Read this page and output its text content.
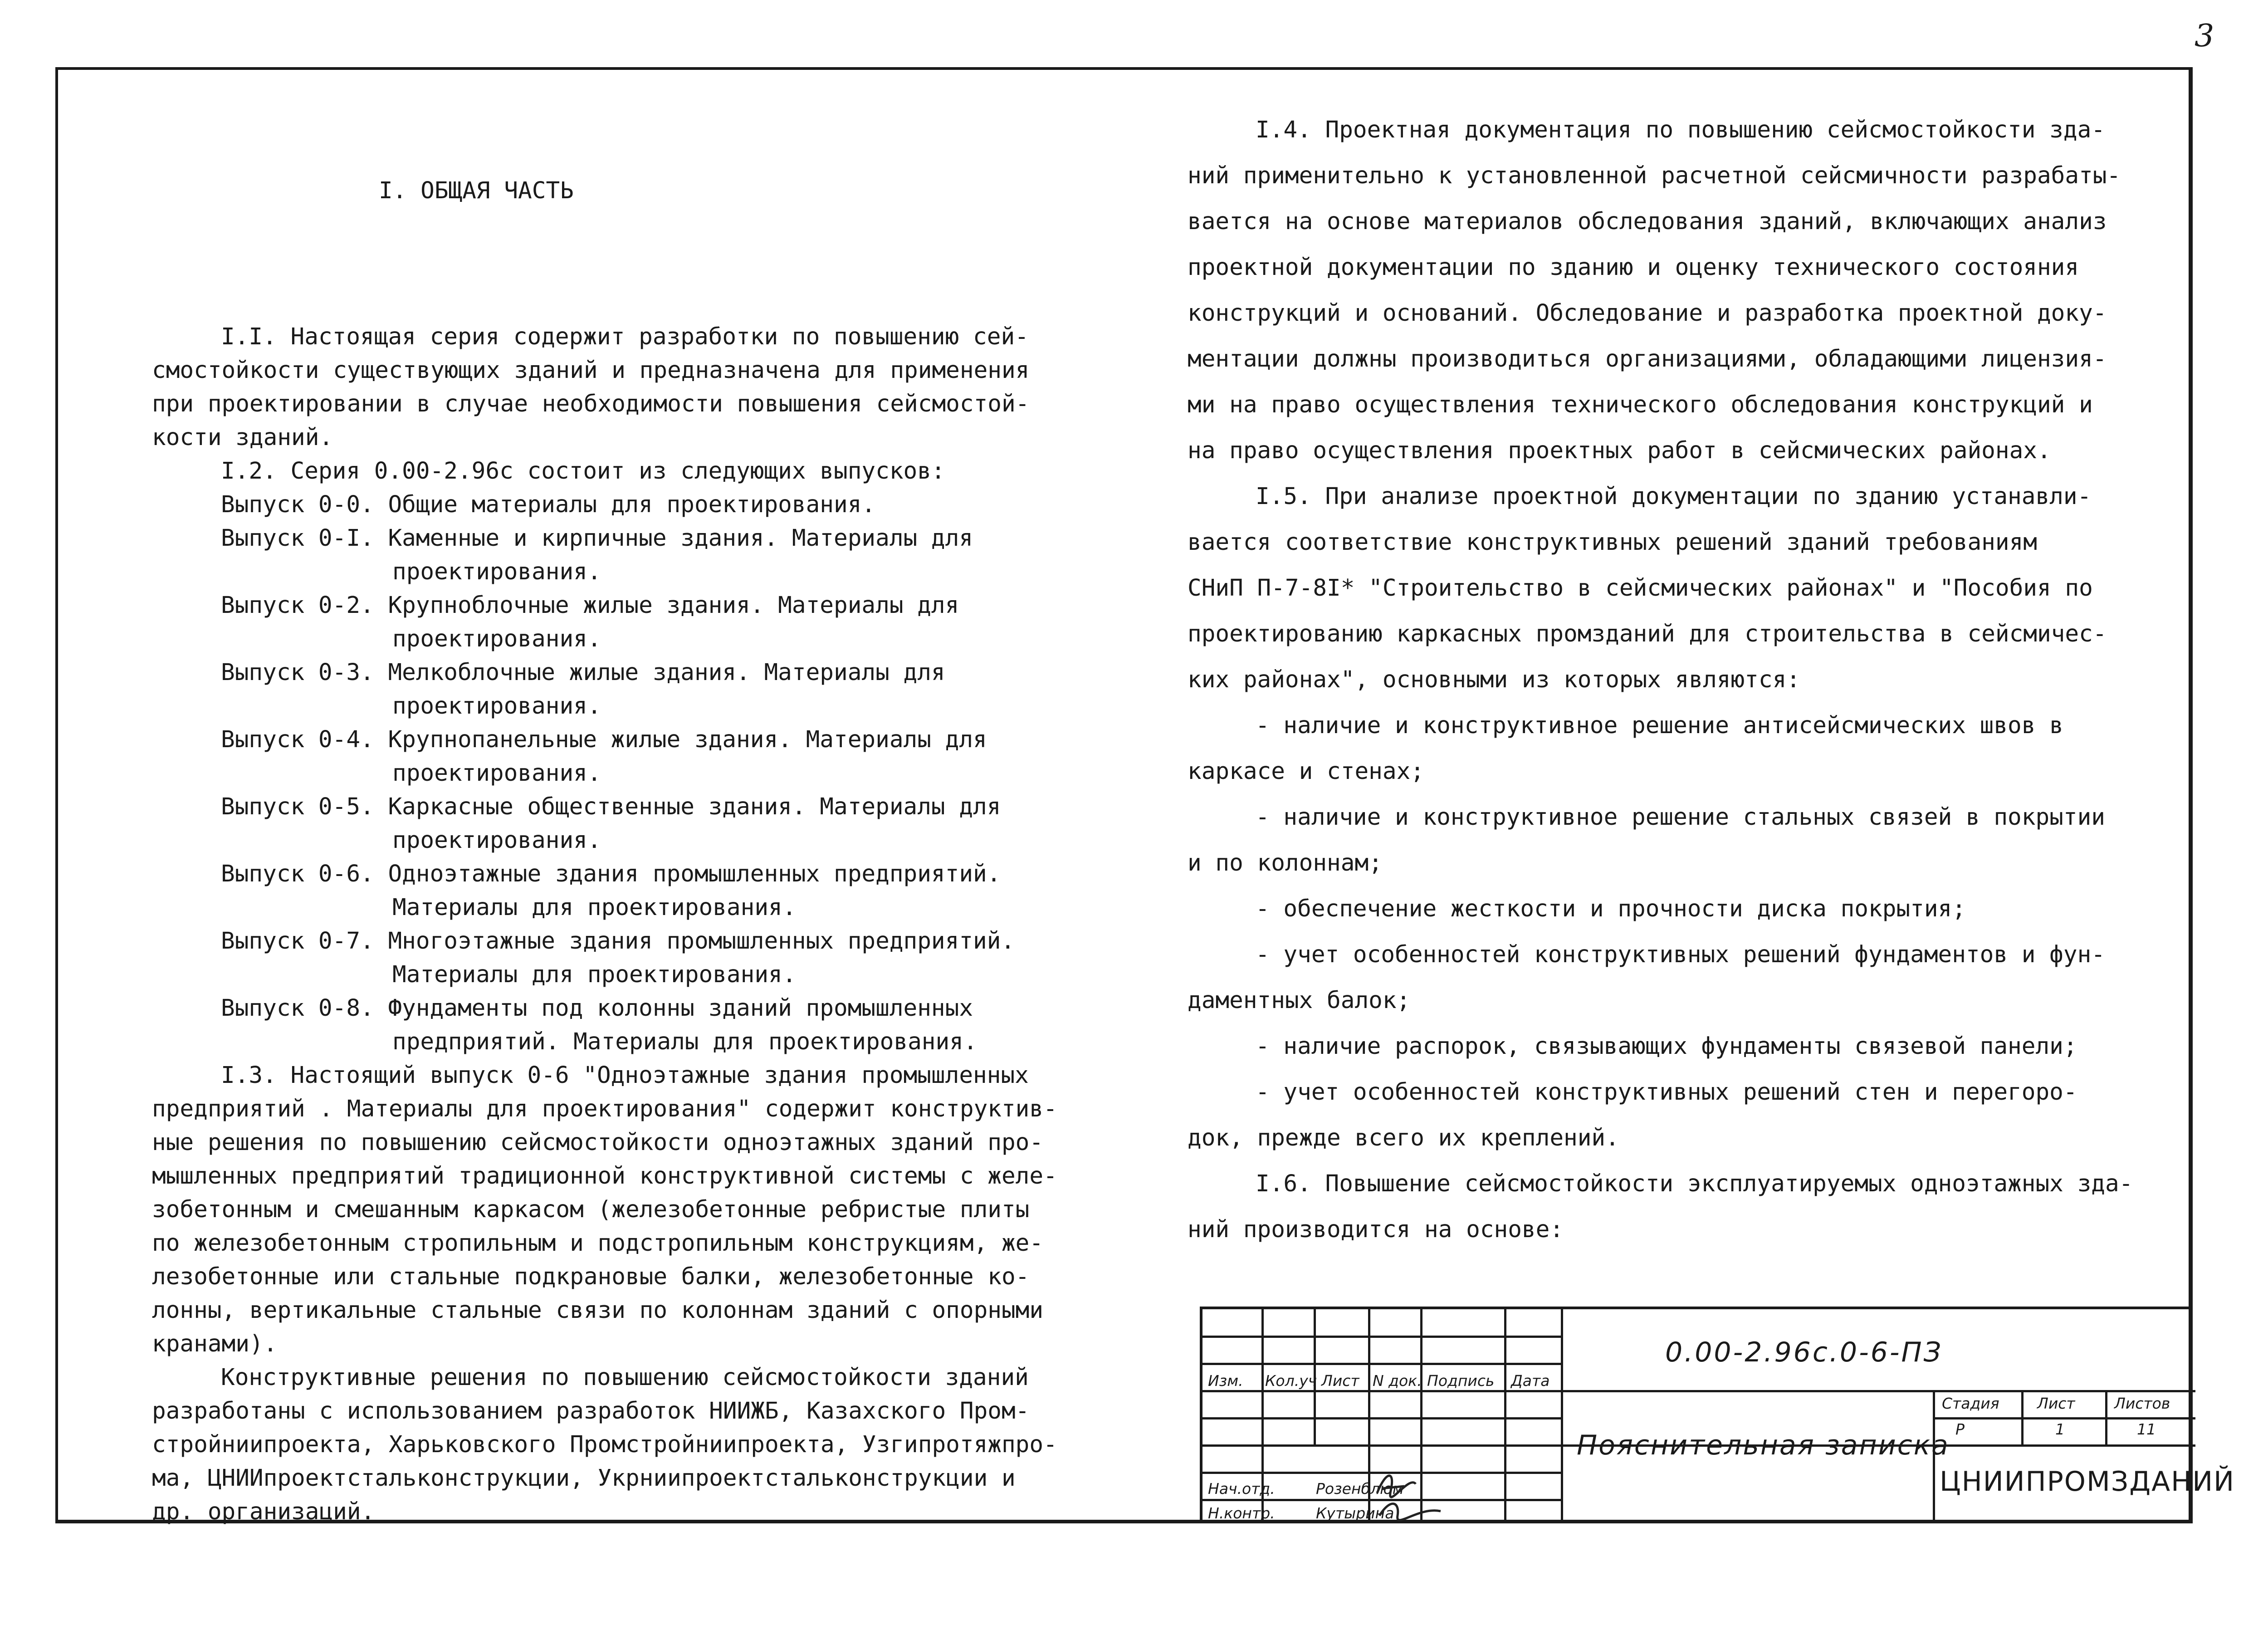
3

I. ОБЩАЯ ЧАСТЬ

I.I. Настоящая серия содержит разработки по повышению сей-
смостойкости существующих зданий и предназначена для применения
при проектировании в случае необходимости повышения сейсмостой-
кости зданий.
I.2. Серия 0.00-2.96с состоит из следующих выпусков:
Выпуск 0-0. Общие материалы для проектирования.
Выпуск 0-I. Каменные и кирпичные здания. Материалы для
проектирования.
Выпуск 0-2. Крупноблочные жилые здания. Материалы для
проектирования.
Выпуск 0-3. Мелкоблочные жилые здания. Материалы для
проектирования.
Выпуск 0-4. Крупнопанельные жилые здания. Материалы для
проектирования.
Выпуск 0-5. Каркасные общественные здания. Материалы для
проектирования.
Выпуск 0-6. Одноэтажные здания промышленных предприятий.
Материалы для проектирования.
Выпуск 0-7. Многоэтажные здания промышленных предприятий.
Материалы для проектирования.
Выпуск 0-8. Фундаменты под колонны зданий промышленных
предприятий. Материалы для проектирования.
I.3. Настоящий выпуск 0-6 "Одноэтажные здания промышленных
предприятий . Материалы для проектирования" содержит конструктив-
ные решения по повышению сейсмостойкости одноэтажных зданий про-
мышленных предприятий традиционной конструктивной системы с желе-
зобетонным и смешанным каркасом (железобетонные ребристые плиты
по железобетонным стропильным и подстропильным конструкциям, же-
лезобетонные или стальные подкрановые балки, железобетонные ко-
лонны, вертикальные стальные связи по колоннам зданий с опорными
кранами).
Конструктивные решения по повышению сейсмостойкости зданий
разработаны с использованием разработок НИИЖБ, Казахского Пром-
стройниипроекта, Харьковского Промстройниипроекта, Узгипротяжпро-
ма, ЦНИИпроектстальконструкции, Укрниипроектстальконструкции и
др. организаций.
I.4. Проектная документация по повышению сейсмостойкости зда-
ний применительно к установленной расчетной сейсмичности разрабаты-
вается на основе материалов обследования зданий, включающих анализ
проектной документации по зданию и оценку технического состояния
конструкций и оснований. Обследование и разработка проектной доку-
ментации должны производиться организациями, обладающими лицензия-
ми на право осуществления технического обследования конструкций и
на право осуществления проектных работ в сейсмических районах.
I.5. При анализе проектной документации по зданию устанавли-
вается соответствие конструктивных решений зданий требованиям
СНиП П-7-8I* "Строительство в сейсмических районах" и "Пособия по
проектированию каркасных промзданий для строительства в сейсмичес-
ких районах", основными из которых являются:
- наличие и конструктивное решение антисейсмических швов в
каркасе и стенах;
- наличие и конструктивное решение стальных связей в покрытии
и по колоннам;
- обеспечение жесткости и прочности диска покрытия;
- учет особенностей конструктивных решений фундаментов и фун-
даментных балок;
- наличие распорок, связывающих фундаменты связевой панели;
- учет особенностей конструктивных решений стен и перегоро-
док, прежде всего их креплений.
I.6. Повышение сейсмостойкости эксплуатируемых одноэтажных зда-
ний производится на основе:
0.00-2.96с.0-6-ПЗ
Изм. Кол.уч Лист N док. Подпись Дата
Стадия	Лист	Листов
Р	1	11
Пояснительная записка
ЦНИИПРОМЗДАНИЙ
Нач.отд.	Розенблюм
Н.контр.	Кутырина
